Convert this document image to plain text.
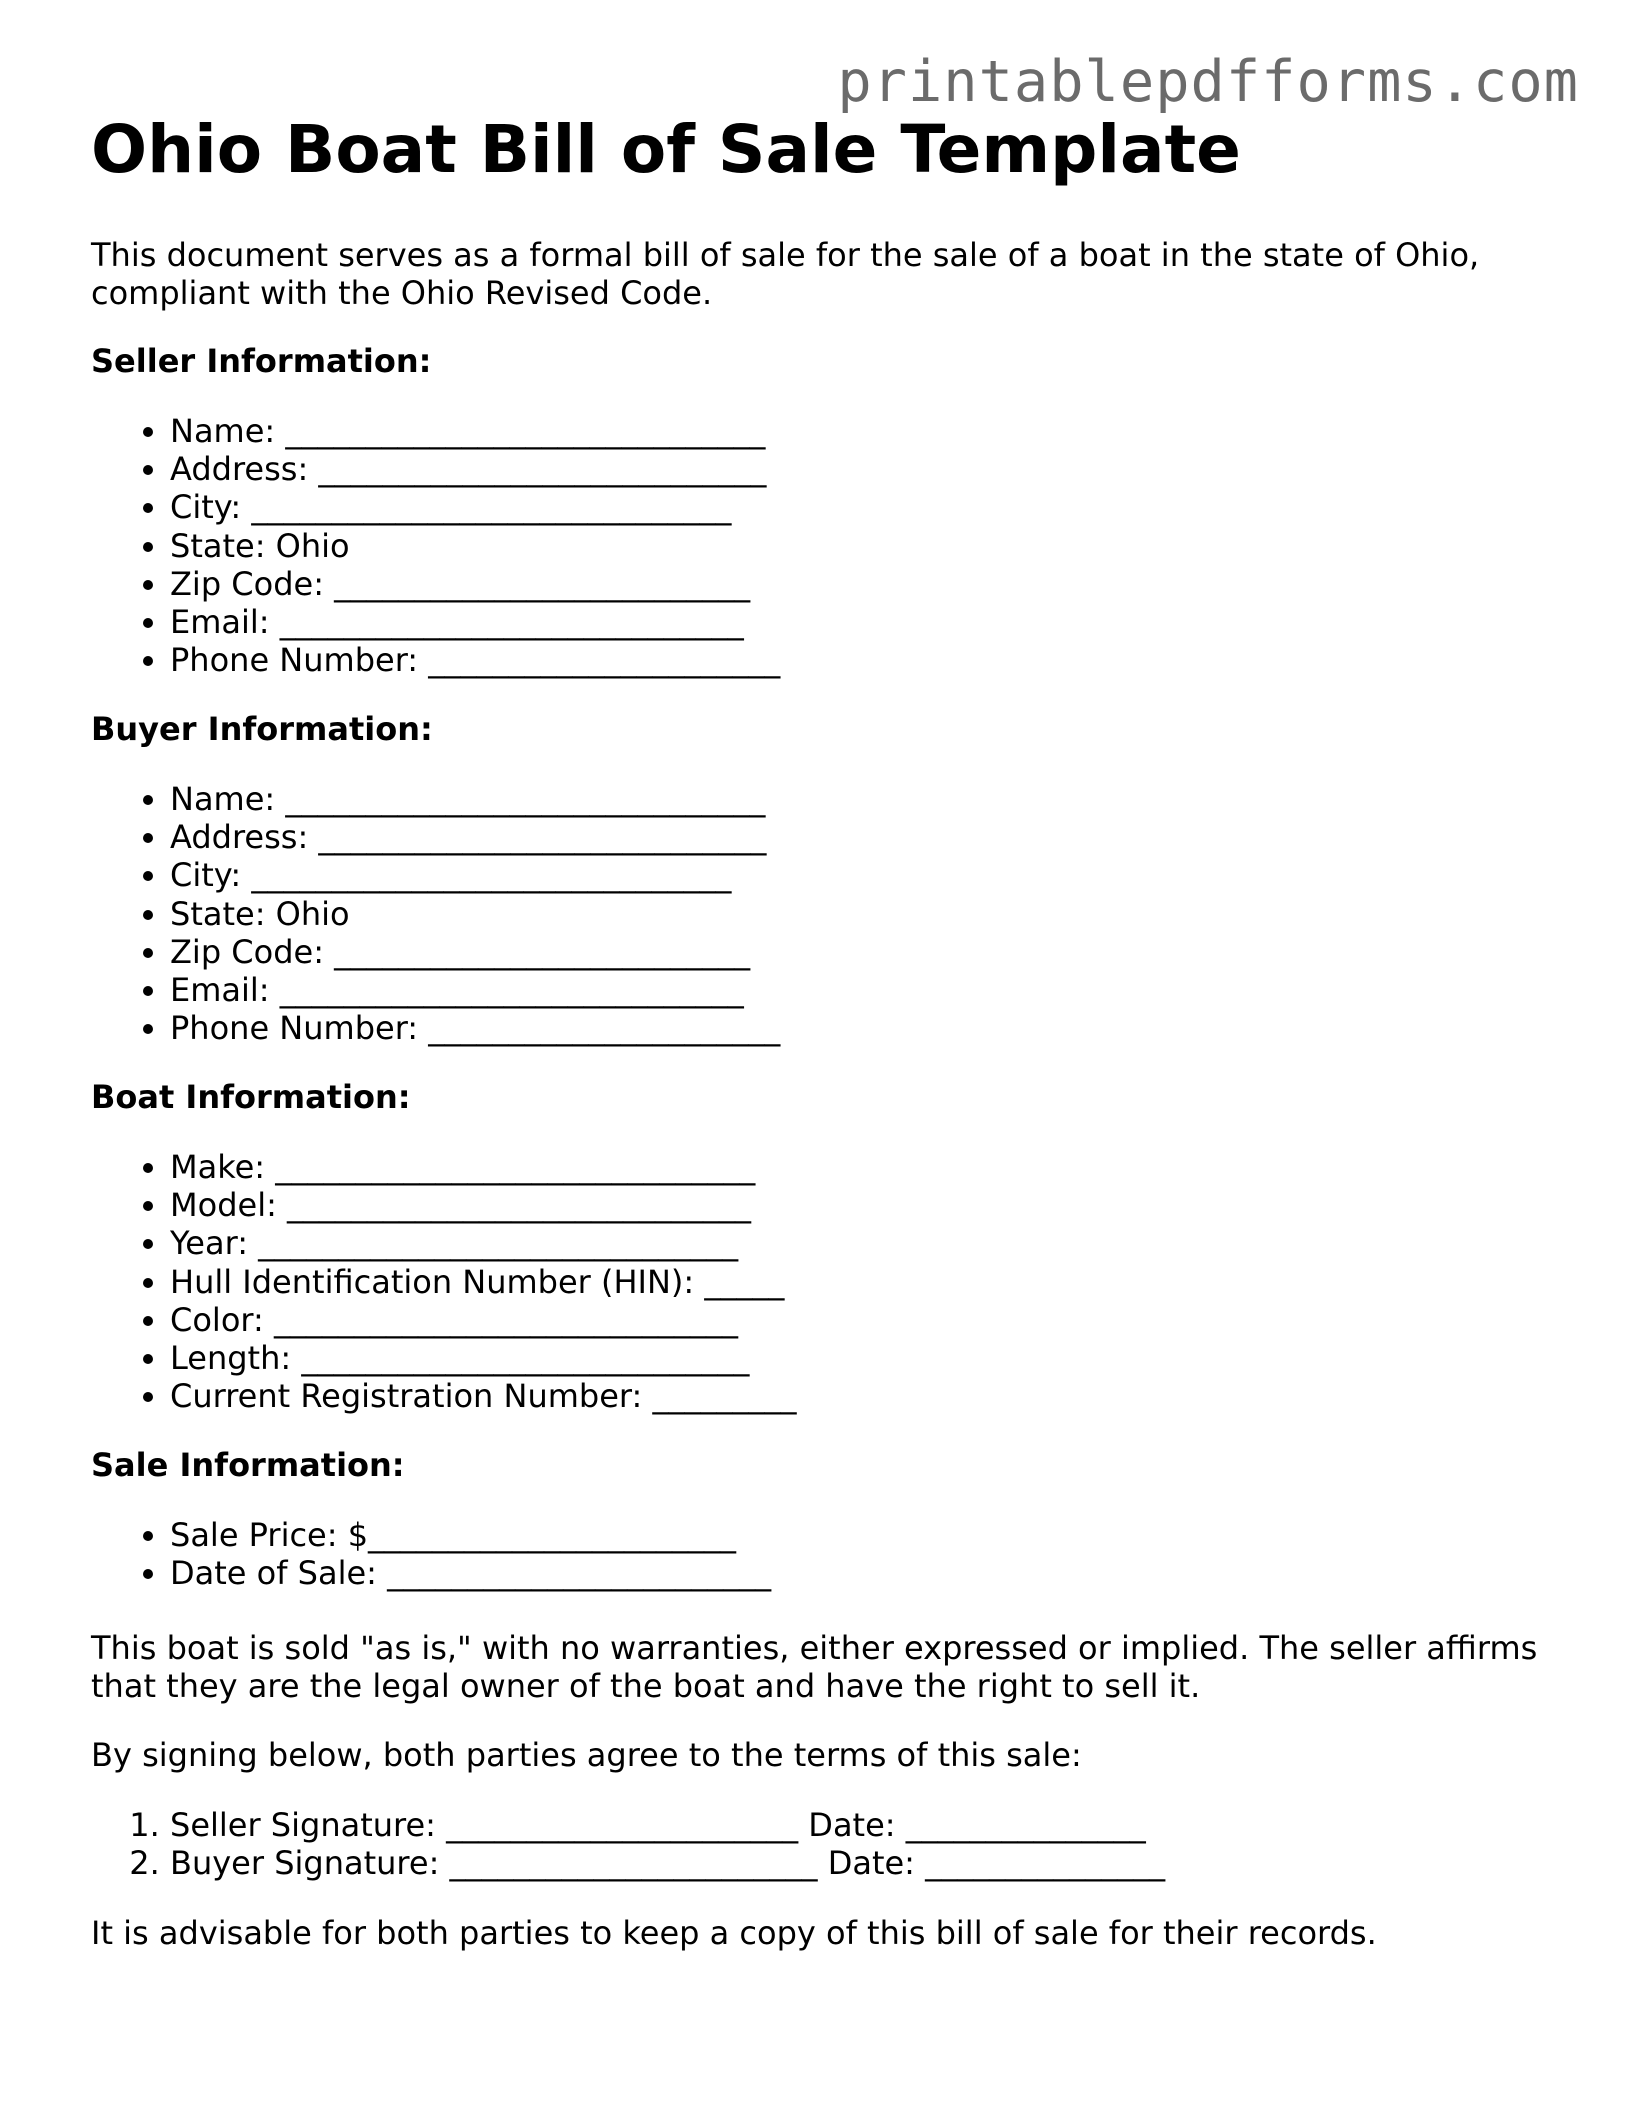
printablepdfforms.com
Ohio Boat Bill of Sale Template

This document serves as a formal bill of sale for the sale of a boat in the state of Ohio, compliant with the Ohio Revised Code.

Seller Information:
• Name: ______________________________
• Address: ____________________________
• City: ______________________________
• State: Ohio
• Zip Code: __________________________
• Email: _____________________________
• Phone Number: ______________________
Buyer Information:
• Name: ______________________________
• Address: ____________________________
• City: ______________________________
• State: Ohio
• Zip Code: __________________________
• Email: _____________________________
• Phone Number: ______________________
Boat Information:
• Make: ______________________________
• Model: _____________________________
• Year: ______________________________
• Hull Identification Number (HIN): _____
• Color: _____________________________
• Length: ____________________________
• Current Registration Number: _________
Sale Information:
• Sale Price: $_______________________
• Date of Sale: ________________________

This boat is sold "as is," with no warranties, either expressed or implied. The seller affirms that they are the legal owner of the boat and have the right to sell it.

By signing below, both parties agree to the terms of this sale:

1. Seller Signature: ______________________ Date: _______________
2. Buyer Signature: _______________________ Date: _______________

It is advisable for both parties to keep a copy of this bill of sale for their records.
